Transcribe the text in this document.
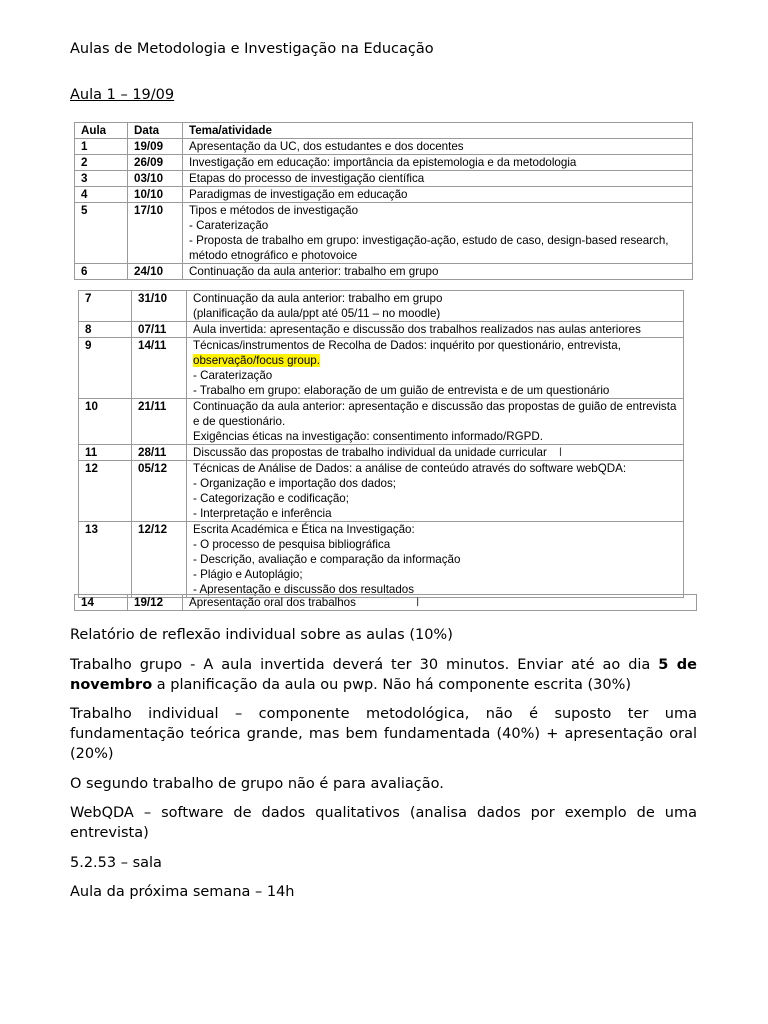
Aulas de Metodologia e Investigação na Educação
Aula 1 – 19/09
Aula	Data	Tema/atividade
1	19/09	Apresentação da UC, dos estudantes e dos docentes

2	26/09	Investigação em educação: importância da epistemologia e da metodologia

3	03/10	Etapas do processo de investigação científica

4	10/10	Paradigmas de investigação em educação

5	17/10	Tipos e métodos de investigação
- Caraterização
- Proposta de trabalho em grupo: investigação-ação, estudo de caso, design-based research,
método etnográfico e photovoice

6	24/10	Continuação da aula anterior: trabalho em grupo
7	31/10	Continuação da aula anterior: trabalho em grupo
(planificação da aula/ppt até 05/11 – no moodle)

8	07/11	Aula invertida: apresentação e discussão dos trabalhos realizados nas aulas anteriores

9	14/11	Técnicas/instrumentos de Recolha de Dados: inquérito por questionário, entrevista,
observação/focus group.
- Caraterização
- Trabalho em grupo: elaboração de um guião de entrevista e de um questionário

10	21/11	Continuação da aula anterior: apresentação e discussão das propostas de guião de entrevista
e de questionário.
Exigências éticas na investigação: consentimento informado/RGPD.

11	28/11	Discussão das propostas de trabalho individual da unidade curricular I

12	05/12	Técnicas de Análise de Dados: a análise de conteúdo através do software webQDA:
- Organização e importação dos dados;
- Categorização e codificação;
- Interpretação e inferência

13	12/12	Escrita Académica e Ética na Investigação:
- O processo de pesquisa bibliográfica
- Descrição, avaliação e comparação da informação
- Plágio e Autoplágio;
- Apresentação e discussão dos resultados
14	19/12	Apresentação oral dos trabalhos	I

Relatório de reflexão individual sobre as aulas (10%)

Trabalho grupo - A aula invertida deverá ter 30 minutos. Enviar até ao dia 5 de novembro a planificação da aula ou pwp. Não há componente escrita (30%)

Trabalho individual – componente metodológica, não é suposto ter uma fundamentação teórica grande, mas bem fundamentada (40%) + apresentação oral (20%)

O segundo trabalho de grupo não é para avaliação.

WebQDA – software de dados qualitativos (analisa dados por exemplo de uma entrevista)

5.2.53 – sala

Aula da próxima semana – 14h
